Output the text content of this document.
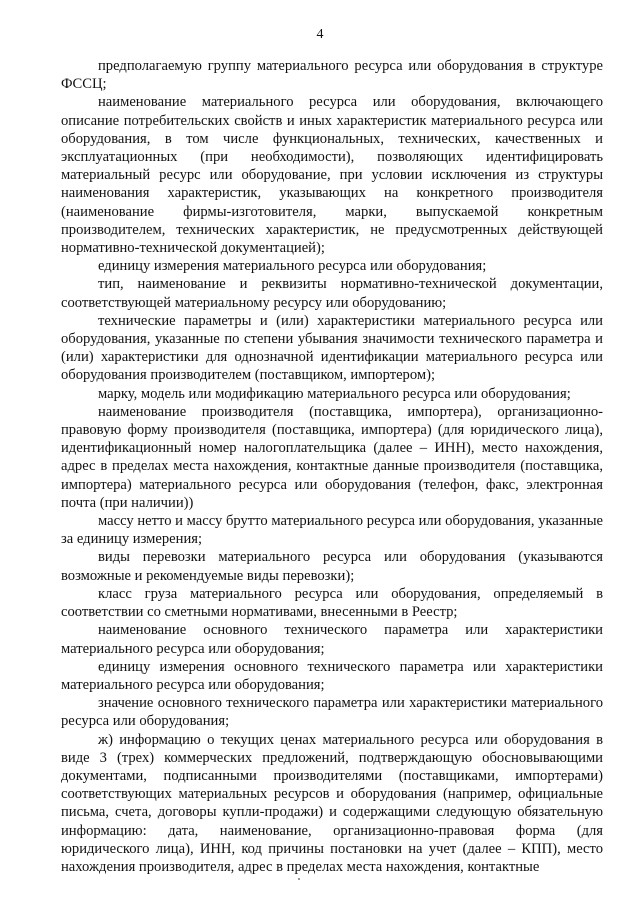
4

предполагаемую группу материального ресурса или оборудования в структуре ФССЦ;

наименование материального ресурса или оборудования, включающего описание потребительских свойств и иных характеристик материального ресурса или оборудования, в том числе функциональных, технических, качественных и эксплуатационных (при необходимости), позволяющих идентифицировать материальный ресурс или оборудование, при условии исключения из структуры наименования характеристик, указывающих на конкретного производителя (наименование фирмы-изготовителя, марки, выпускаемой конкретным производителем, технических характеристик, не предусмотренных действующей нормативно-технической документацией);

единицу измерения материального ресурса или оборудования;

тип, наименование и реквизиты нормативно-технической документации, соответствующей материальному ресурсу или оборудованию;

технические параметры и (или) характеристики материального ресурса или оборудования, указанные по степени убывания значимости технического параметра и (или) характеристики для однозначной идентификации материального ресурса или оборудования производителем (поставщиком, импортером);

марку, модель или модификацию материального ресурса или оборудования;

наименование производителя (поставщика, импортера), организационно-правовую форму производителя (поставщика, импортера) (для юридического лица), идентификационный номер налогоплательщика (далее – ИНН), место нахождения, адрес в пределах места нахождения, контактные данные производителя (поставщика, импортера) материального ресурса или оборудования (телефон, факс, электронная почта (при наличии))

массу нетто и массу брутто материального ресурса или оборудования, указанные за единицу измерения;

виды перевозки материального ресурса или оборудования (указываются возможные и рекомендуемые виды перевозки);

класс груза материального ресурса или оборудования, определяемый в соответствии со сметными нормативами, внесенными в Реестр;

наименование основного технического параметра или характеристики материального ресурса или оборудования;

единицу измерения основного технического параметра или характеристики материального ресурса или оборудования;

значение основного технического параметра или характеристики материального ресурса или оборудования;

ж) информацию о текущих ценах материального ресурса или оборудования в виде 3 (трех) коммерческих предложений, подтверждающую обосновывающими документами, подписанными производителями (поставщиками, импортерами) соответствующих материальных ресурсов и оборудования (например, официальные письма, счета, договоры купли-продажи) и содержащими следующую обязательную информацию: дата, наименование, организационно-правовая форма (для юридического лица), ИНН, код причины постановки на учет (далее – КПП), место нахождения производителя, адрес в пределах места нахождения, контактные
